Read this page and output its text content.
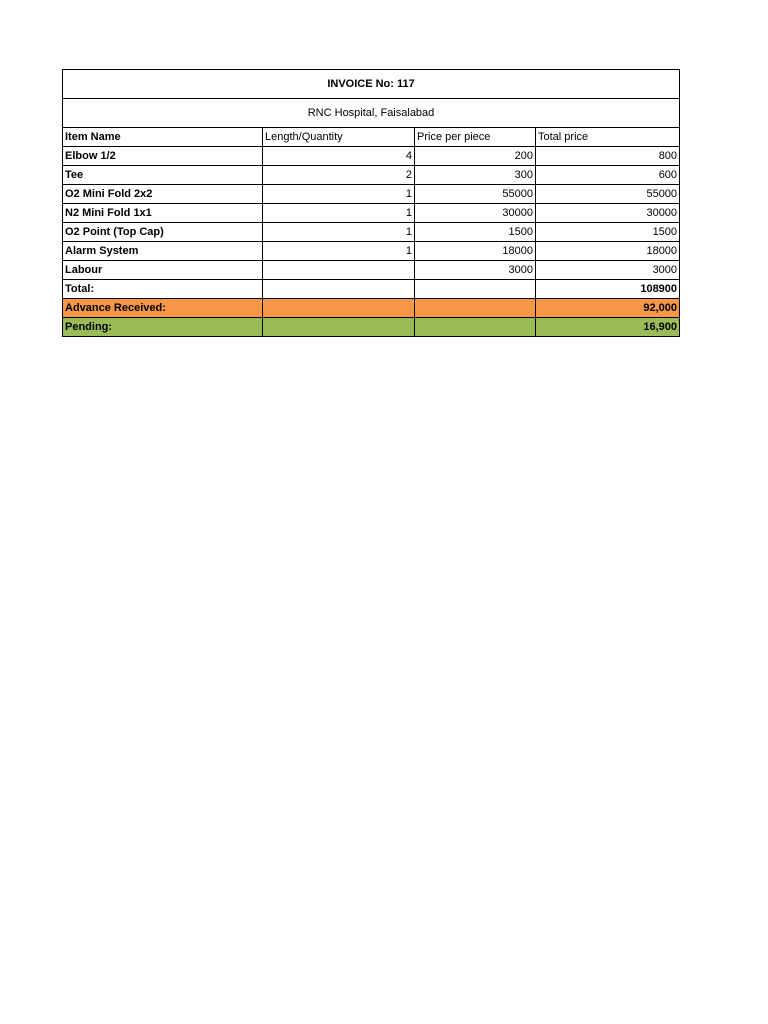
INVOICE No: 117			
RNC Hospital, Faisalabad			
Item Name	Length/Quantity	Price per piece	Total price
Elbow 1/2	4	200	800
Tee	2	300	600
O2 Mini Fold 2x2	1	55000	55000
N2 Mini Fold 1x1	1	30000	30000
O2 Point (Top Cap)	1	1500	1500
Alarm System	1	18000	18000
Labour		3000	3000
Total:			108900
Advance Received:			92,000
Pending:			16,900
